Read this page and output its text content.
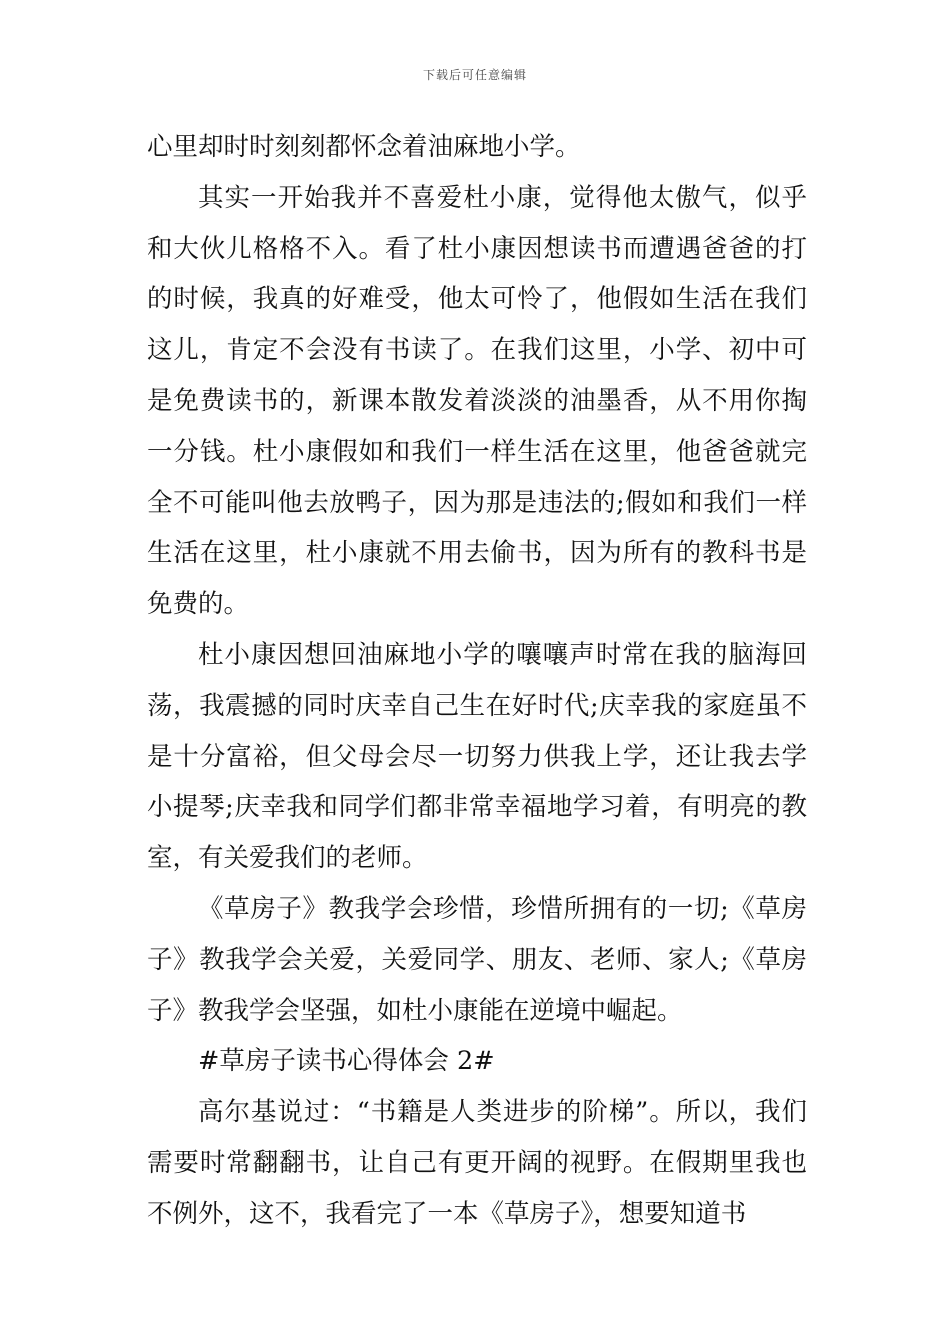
下载后可任意编辑

心里却时时刻刻都怀念着油麻地小学。

其实一开始我并不喜爱杜小康，觉得他太傲气，似乎和大伙儿格格不入。看了杜小康因想读书而遭遇爸爸的打的时候，我真的好难受，他太可怜了，他假如生活在我们这儿，肯定不会没有书读了。在我们这里，小学、初中可是免费读书的，新课本散发着淡淡的油墨香，从不用你掏一分钱。杜小康假如和我们一样生活在这里，他爸爸就完全不可能叫他去放鸭子，因为那是违法的;假如和我们一样生活在这里，杜小康就不用去偷书，因为所有的教科书是免费的。

杜小康因想回油麻地小学的嚷嚷声时常在我的脑海回荡，我震撼的同时庆幸自己生在好时代;庆幸我的家庭虽不是十分富裕，但父母会尽一切努力供我上学，还让我去学小提琴;庆幸我和同学们都非常幸福地学习着，有明亮的教室，有关爱我们的老师。

《草房子》教我学会珍惜，珍惜所拥有的一切;《草房子》教我学会关爱，关爱同学、朋友、老师、家人;《草房子》教我学会坚强，如杜小康能在逆境中崛起。

#草房子读书心得体会 2#

高尔基说过：“书籍是人类进步的阶梯”。所以，我们需要时常翻翻书，让自己有更开阔的视野。在假期里我也不例外，这不，我看完了一本《草房子》，想要知道书
